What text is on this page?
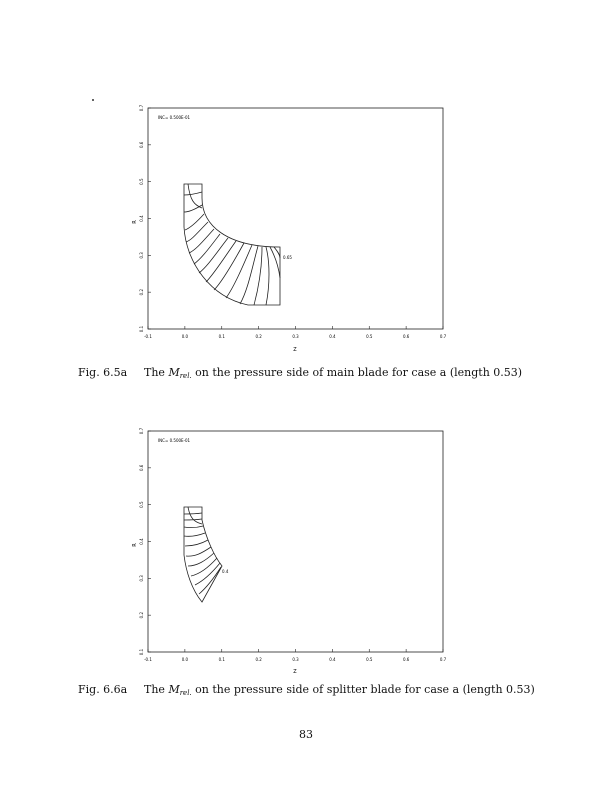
-0.1	0.0	0.1	0.2	0.3	0.4	0.5	0.6	0.7
0.1
0.2
0.3
0.4
0.5
0.6
0.7
INC= 0.500E-01
Z
R
0.65
Fig. 6.5a The $M_{rel.}$ on the pressure side of main blade for case a (length 0.53)
-0.1	0.0	0.1	0.2	0.3	0.4	0.5	0.6	0.7
0.1
0.2
0.3
0.4
0.5
0.6
0.7
INC= 0.500E-01
Z
R
0.4
Fig. 6.6a The $M_{rel.}$ on the pressure side of splitter blade for case a (length 0.53)
83
